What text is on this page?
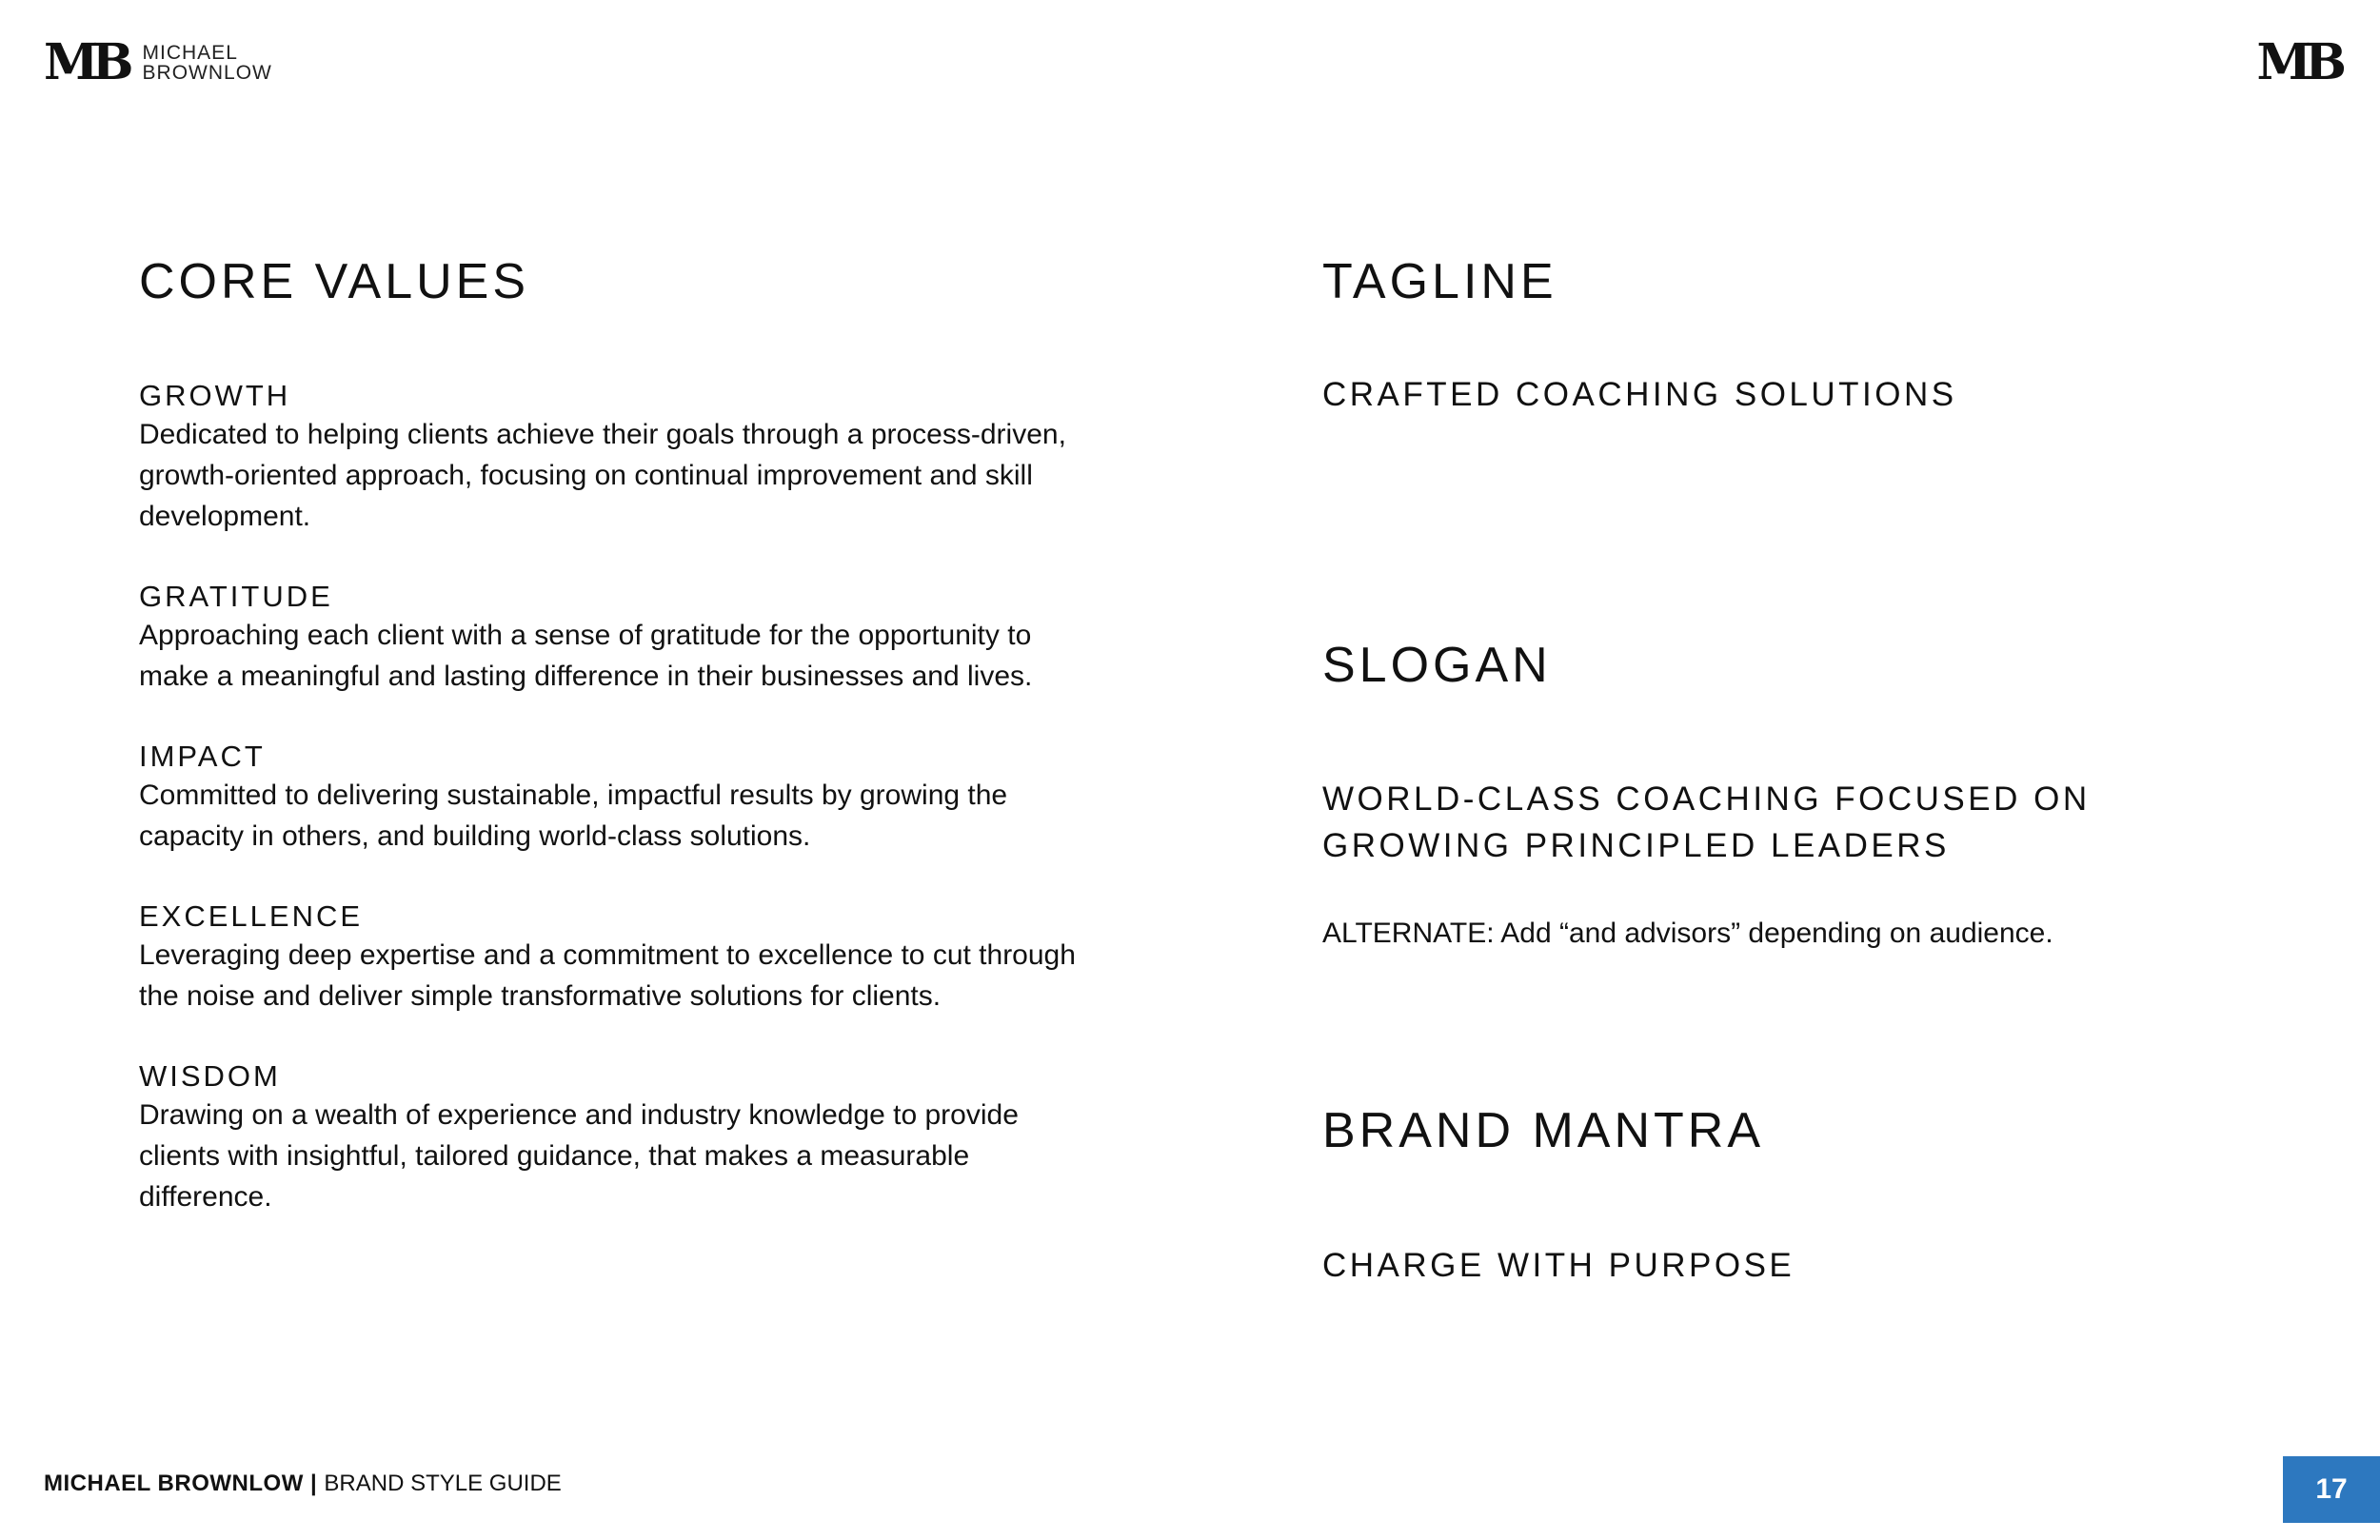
MB MICHAEL
BROWNLOW	MB
CORE VALUES
GROWTH
Dedicated to helping clients achieve their goals through a process-driven, growth-oriented approach, focusing on continual improvement and skill development.
GRATITUDE
Approaching each client with a sense of gratitude for the opportunity to make a meaningful and lasting difference in their businesses and lives.
IMPACT
Committed to delivering sustainable, impactful results by growing the capacity in others, and building world-class solutions.
EXCELLENCE
Leveraging deep expertise and a commitment to excellence to cut through the noise and deliver simple transformative solutions for clients.
WISDOM
Drawing on a wealth of experience and industry knowledge to provide clients with insightful, tailored guidance, that makes a measurable difference.
TAGLINE
CRAFTED COACHING SOLUTIONS
SLOGAN
WORLD-CLASS COACHING FOCUSED ON GROWING PRINCIPLED LEADERS
ALTERNATE: Add “and advisors” depending on audience.
BRAND MANTRA
CHARGE WITH PURPOSE
MICHAEL BROWNLOW | BRAND STYLE GUIDE	17
